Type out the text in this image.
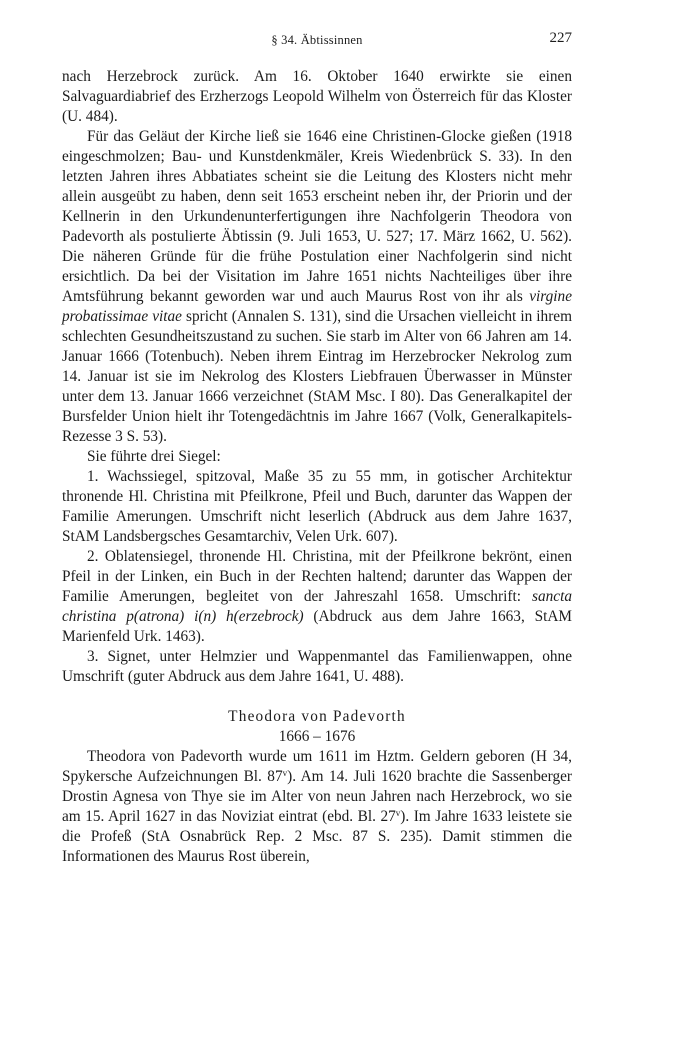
§ 34. Äbtissinnen	227

nach Herzebrock zurück. Am 16. Oktober 1640 erwirkte sie einen Salvaguardiabrief des Erzherzogs Leopold Wilhelm von Österreich für das Kloster (U. 484).

Für das Geläut der Kirche ließ sie 1646 eine Christinen-Glocke gießen (1918 eingeschmolzen; Bau- und Kunstdenkmäler, Kreis Wiedenbrück S. 33). In den letzten Jahren ihres Abbatiates scheint sie die Leitung des Klosters nicht mehr allein ausgeübt zu haben, denn seit 1653 erscheint neben ihr, der Priorin und der Kellnerin in den Urkundenunterfertigungen ihre Nachfolgerin Theodora von Padevorth als postulierte Äbtissin (9. Juli 1653, U. 527; 17. März 1662, U. 562). Die näheren Gründe für die frühe Postulation einer Nachfolgerin sind nicht ersichtlich. Da bei der Visitation im Jahre 1651 nichts Nachteiliges über ihre Amtsführung bekannt geworden war und auch Maurus Rost von ihr als virgine probatissimae vitae spricht (Annalen S. 131), sind die Ursachen vielleicht in ihrem schlechten Gesundheitszustand zu suchen. Sie starb im Alter von 66 Jahren am 14. Januar 1666 (Totenbuch). Neben ihrem Eintrag im Herzebrocker Nekrolog zum 14. Januar ist sie im Nekrolog des Klosters Liebfrauen Überwasser in Münster unter dem 13. Januar 1666 verzeichnet (StAM Msc. I 80). Das Generalkapitel der Bursfelder Union hielt ihr Totengedächtnis im Jahre 1667 (Volk, Generalkapitels-Rezesse 3 S. 53).

Sie führte drei Siegel:

1. Wachssiegel, spitzoval, Maße 35 zu 55 mm, in gotischer Architektur thronende Hl. Christina mit Pfeilkrone, Pfeil und Buch, darunter das Wappen der Familie Amerungen. Umschrift nicht leserlich (Abdruck aus dem Jahre 1637, StAM Landsbergsches Gesamtarchiv, Velen Urk. 607).

2. Oblatensiegel, thronende Hl. Christina, mit der Pfeilkrone bekrönt, einen Pfeil in der Linken, ein Buch in der Rechten haltend; darunter das Wappen der Familie Amerungen, begleitet von der Jahreszahl 1658. Umschrift: sancta christina p(atrona) i(n) h(erzebrock) (Abdruck aus dem Jahre 1663, StAM Marienfeld Urk. 1463).

3. Signet, unter Helmzier und Wappenmantel das Familienwappen, ohne Umschrift (guter Abdruck aus dem Jahre 1641, U. 488).

Theodora von Padevorth
1666 – 1676

Theodora von Padevorth wurde um 1611 im Hztm. Geldern geboren (H 34, Spykersche Aufzeichnungen Bl. 87$^v$). Am 14. Juli 1620 brachte die Sassenberger Drostin Agnesa von Thye sie im Alter von neun Jahren nach Herzebrock, wo sie am 15. April 1627 in das Noviziat eintrat (ebd. Bl. 27$^v$). Im Jahre 1633 leistete sie die Profeß (StA Osnabrück Rep. 2 Msc. 87 S. 235). Damit stimmen die Informationen des Maurus Rost überein,
